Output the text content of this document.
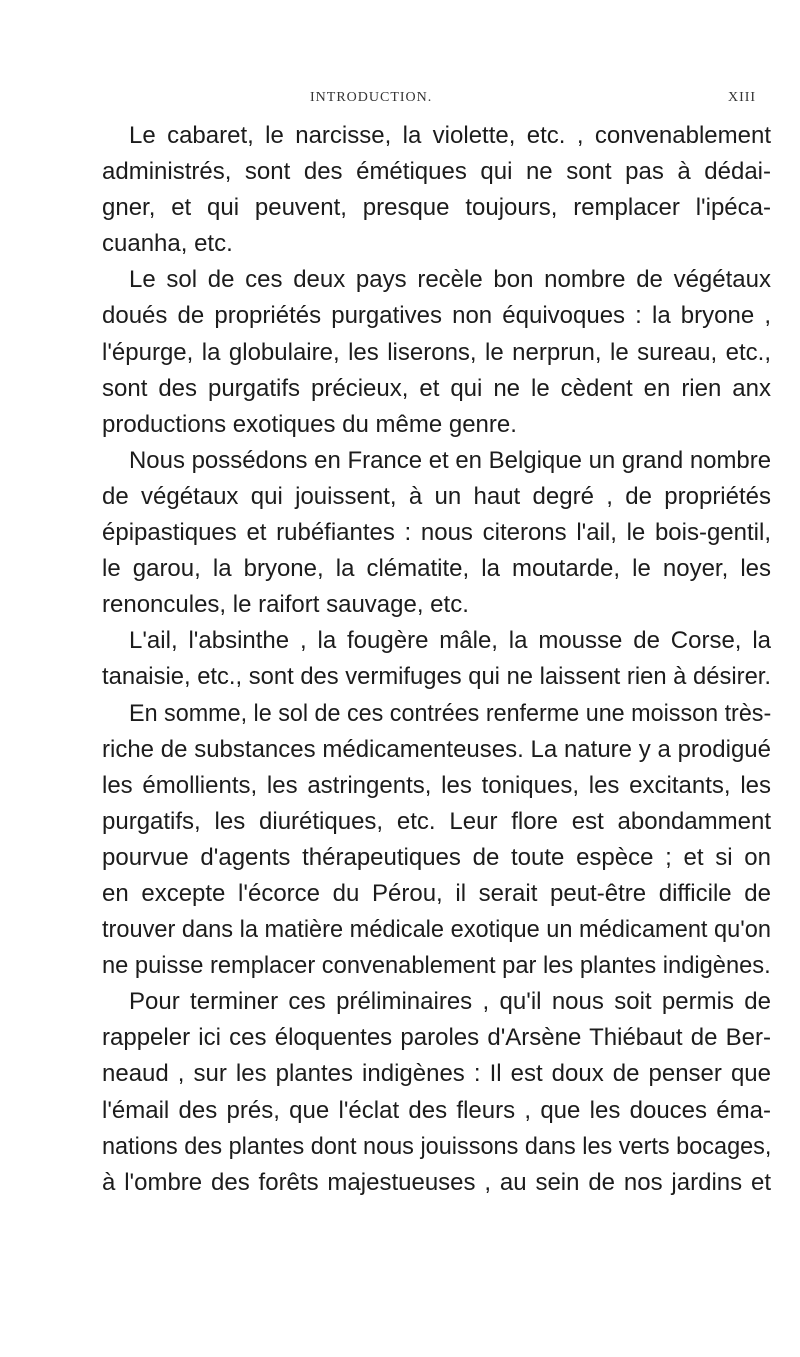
INTRODUCTION.	XIII
Le cabaret, le narcisse, la violette, etc. , convenablement
administrés, sont des émétiques qui ne sont pas à dédai-
gner, et qui peuvent, presque toujours, remplacer l'ipéca-
cuanha, etc.
Le sol de ces deux pays recèle bon nombre de végétaux
doués de propriétés purgatives non équivoques : la bryone ,
l'épurge, la globulaire, les liserons, le nerprun, le sureau, etc.,
sont des purgatifs précieux, et qui ne le cèdent en rien anx
productions exotiques du même genre.
Nous possédons en France et en Belgique un grand nombre
de végétaux qui jouissent, à un haut degré , de propriétés
épipastiques et rubéfiantes : nous citerons l'ail, le bois-gentil,
le garou, la bryone, la clématite, la moutarde, le noyer, les
renoncules, le raifort sauvage, etc.
L'ail, l'absinthe , la fougère mâle, la mousse de Corse, la
tanaisie, etc., sont des vermifuges qui ne laissent rien à désirer.
En somme, le sol de ces contrées renferme une moisson très-
riche de substances médicamenteuses. La nature y a prodigué
les émollients, les astringents, les toniques, les excitants, les
purgatifs, les diurétiques, etc. Leur flore est abondamment
pourvue d'agents thérapeutiques de toute espèce ; et si on
en excepte l'écorce du Pérou, il serait peut-être difficile de
trouver dans la matière médicale exotique un médicament qu'on
ne puisse remplacer convenablement par les plantes indigènes.
Pour terminer ces préliminaires , qu'il nous soit permis de
rappeler ici ces éloquentes paroles d'Arsène Thiébaut de Ber-
neaud , sur les plantes indigènes : Il est doux de penser que
l'émail des prés, que l'éclat des fleurs , que les douces éma-
nations des plantes dont nous jouissons dans les verts bocages,
à l'ombre des forêts majestueuses , au sein de nos jardins et
